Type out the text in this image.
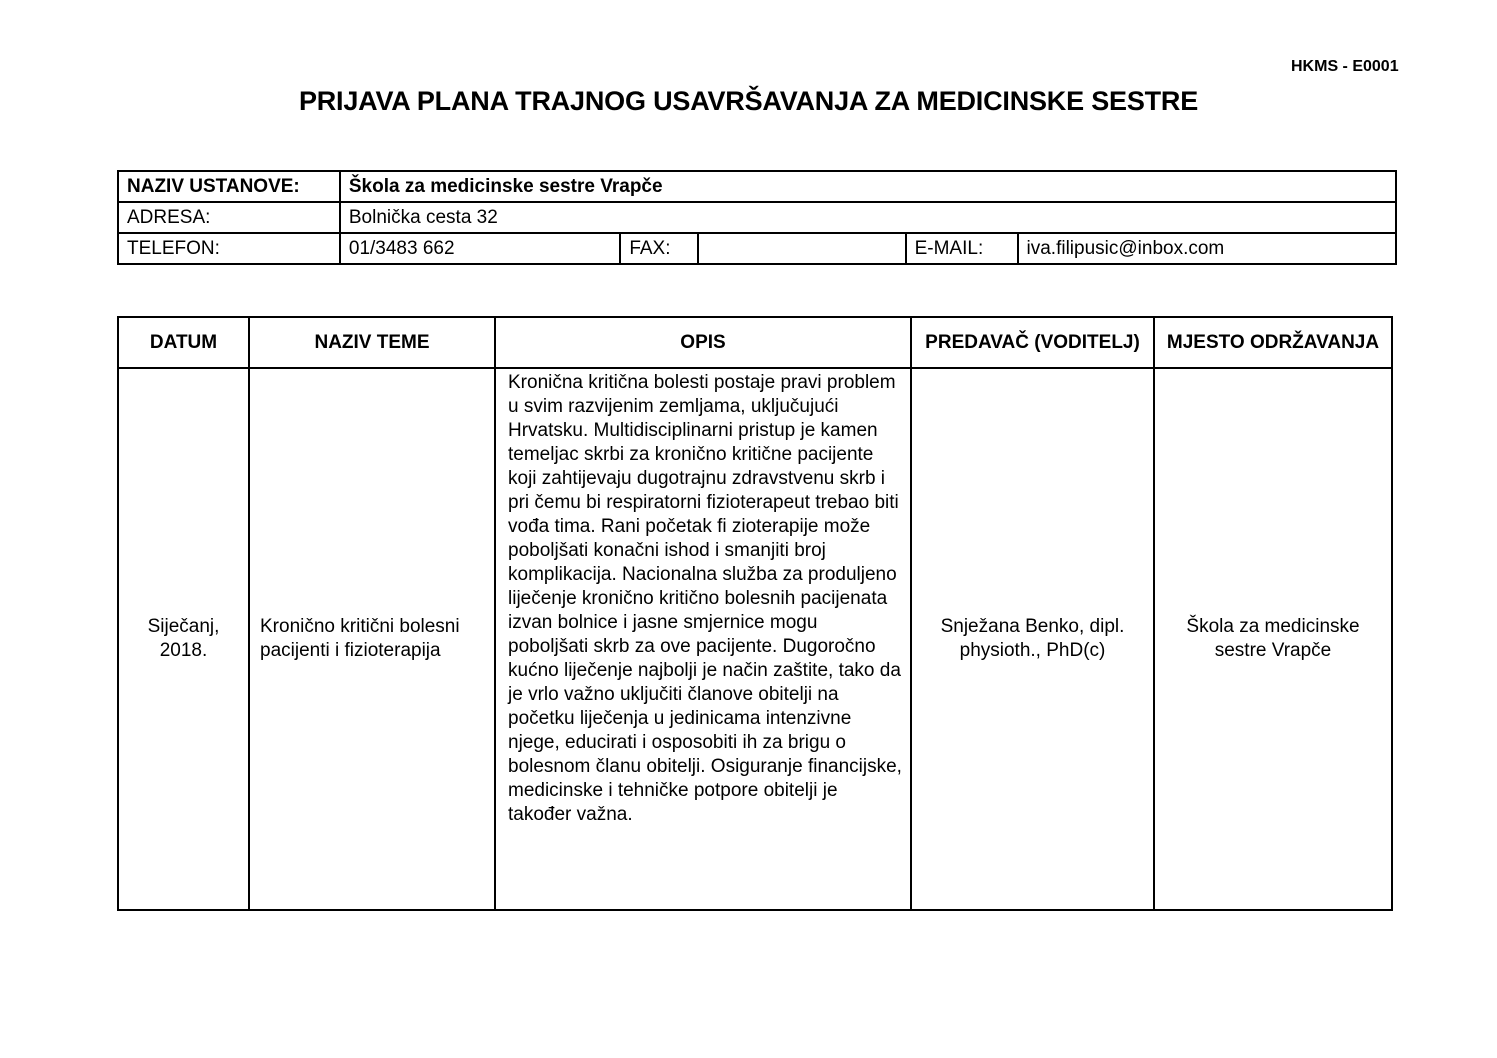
HKMS - E0001
PRIJAVA PLANA TRAJNOG USAVRŠAVANJA ZA MEDICINSKE SESTRE
NAZIV USTANOVE:	Škola za medicinske sestre Vrapče				
ADRESA:	Bolnička cesta 32				
TELEFON:	01/3483 662	FAX:		E-MAIL:	iva.filipusic@inbox.com
DATUM	NAZIV TEME	OPIS	PREDAVAČ (VODITELJ)	MJESTO ODRŽAVANJA
Siječanj, 2018.	Kronično kritični bolesni pacijenti i fizioterapija	Kronična kritična bolesti postaje pravi problem u svim razvijenim zemljama, uključujući Hrvatsku. Multidisciplinarni pristup je kamen temeljac skrbi za kronično kritične pacijente koji zahtijevaju dugotrajnu zdravstvenu skrb i pri čemu bi respiratorni fizioterapeut trebao biti vođa tima. Rani početak fi zioterapije može poboljšati konačni ishod i smanjiti broj komplikacija. Nacionalna služba za produljeno liječenje kronično kritično bolesnih pacijenata izvan bolnice i jasne smjernice mogu poboljšati skrb za ove pacijente. Dugoročno kućno liječenje najbolji je način zaštite, tako da je vrlo važno uključiti članove obitelji na početku liječenja u jedinicama intenzivne njege, educirati i osposobiti ih za brigu o bolesnom članu obitelji. Osiguranje financijske, medicinske i tehničke potpore obitelji je također važna.	Snježana Benko, dipl. physioth., PhD(c)	Škola za medicinske sestre Vrapče
